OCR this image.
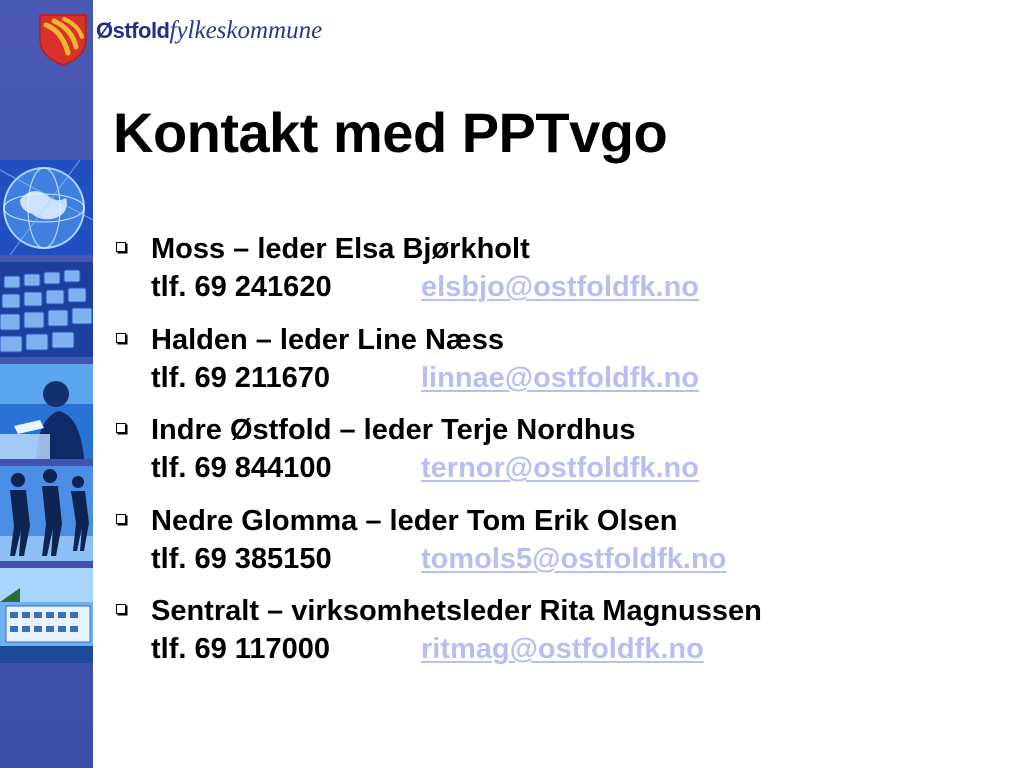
Østfoldfylkeskommune
Kontakt med PPTvgo
Moss – leder Elsa Bjørkholt
tlf. 69 241620	elsbjo@ostfoldfk.no
Halden – leder Line Næss
tlf. 69 211670	linnae@ostfoldfk.no
Indre Østfold – leder Terje Nordhus
tlf. 69 844100	ternor@ostfoldfk.no
Nedre Glomma – leder Tom Erik Olsen
tlf. 69 385150	tomols5@ostfoldfk.no
Sentralt – virksomhetsleder Rita Magnussen
tlf. 69 117000	ritmag@ostfoldfk.no
